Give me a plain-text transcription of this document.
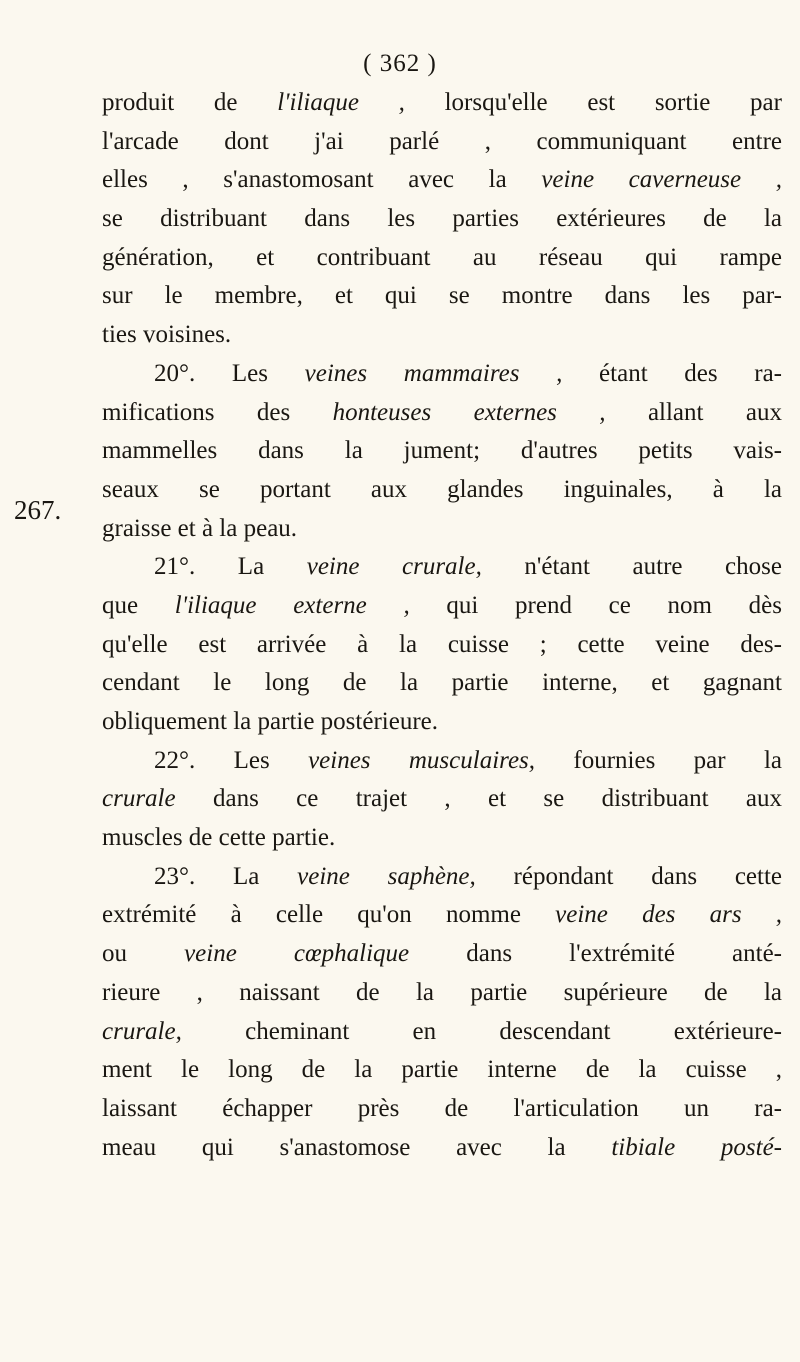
( 362 )
267.
produit de l'iliaque , lorsqu'elle est sortie par
l'arcade dont j'ai parlé , communiquant entre
elles , s'anastomosant avec la veine caverneuse ,
se distribuant dans les parties extérieures de la
génération, et contribuant au réseau qui rampe
sur le membre, et qui se montre dans les par-
ties voisines.
20°. Les veines mammaires , étant des ra-
mifications des honteuses externes , allant aux
mammelles dans la jument; d'autres petits vais-
seaux se portant aux glandes inguinales, à la
graisse et à la peau.
21°. La veine crurale, n'étant autre chose
que l'iliaque externe , qui prend ce nom dès
qu'elle est arrivée à la cuisse ; cette veine des-
cendant le long de la partie interne, et gagnant
obliquement la partie postérieure.
22°. Les veines musculaires, fournies par la
crurale dans ce trajet , et se distribuant aux
muscles de cette partie.
23°. La veine saphène, répondant dans cette
extrémité à celle qu'on nomme veine des ars ,
ou veine cœphalique dans l'extrémité anté-
rieure , naissant de la partie supérieure de la
crurale, cheminant en descendant extérieure-
ment le long de la partie interne de la cuisse ,
laissant échapper près de l'articulation un ra-
meau qui s'anastomose avec la tibiale posté-
